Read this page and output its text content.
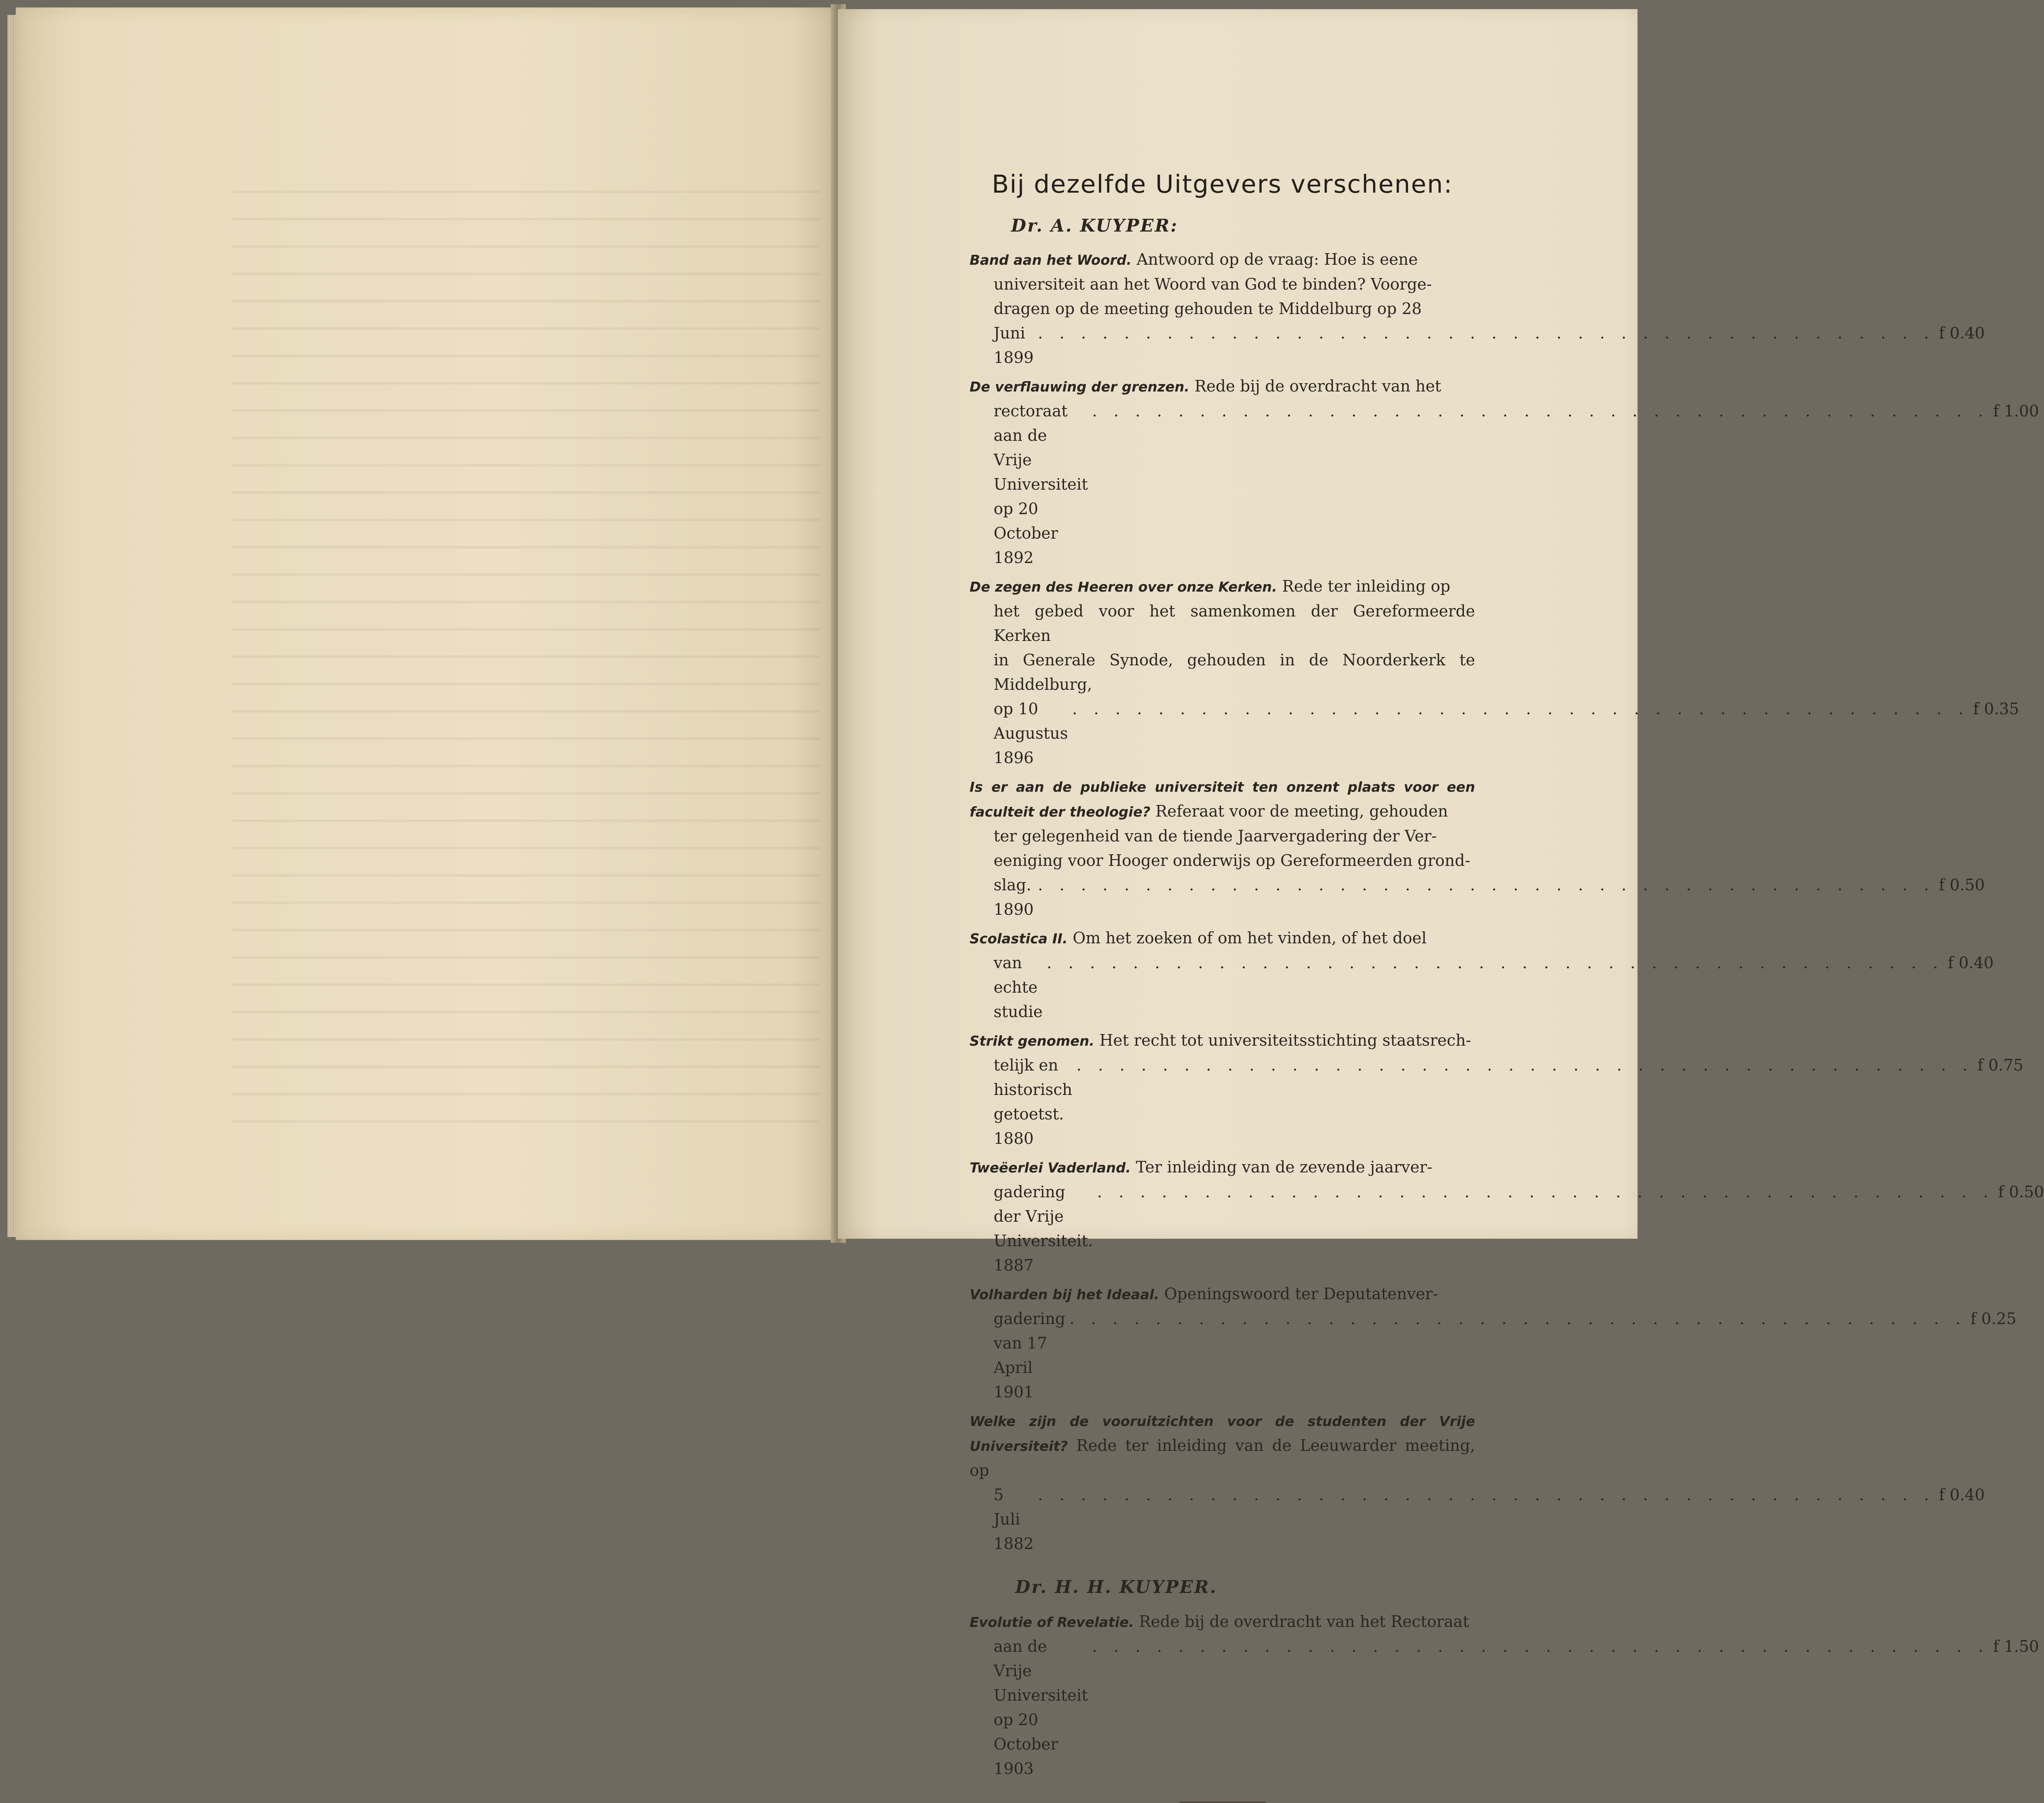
Bij dezelfde Uitgevers verschenen:
Dr. A. KUYPER:
Band aan het Woord. Antwoord op de vraag: Hoe is eene
universiteit aan het Woord van God te binden? Voorge-
dragen op de meeting gehouden te Middelburg op 28
Juni 1899
. . . . . . . . . . . . . . . . . . . . . . . . . . . . . . . . . . . . . . . . . . f 0.40
De verflauwing der grenzen. Rede bij de overdracht van het
rectoraat aan de Vrije Universiteit op 20 October 1892
. . . . . . . . . . . . . . . . . . . . . . . . . . . . . . . . . . . . . . . . . . f 1.00
De zegen des Heeren over onze Kerken. Rede ter inleiding op
het gebed voor het samenkomen der Gereformeerde Kerken
in Generale Synode, gehouden in de Noorderkerk te Middelburg,
op 10 Augustus 1896
. . . . . . . . . . . . . . . . . . . . . . . . . . . . . . . . . . . . . . . . . . f 0.35
Is er aan de publieke universiteit ten onzent plaats voor een faculteit der theologie? Referaat voor de meeting, gehouden
ter gelegenheid van de tiende Jaarvergadering der Ver-
eeniging voor Hooger onderwijs op Gereformeerden grond-
slag. 1890
. . . . . . . . . . . . . . . . . . . . . . . . . . . . . . . . . . . . . . . . . . f 0.50
Scolastica II. Om het zoeken of om het vinden, of het doel
van echte studie
. . . . . . . . . . . . . . . . . . . . . . . . . . . . . . . . . . . . . . . . . . f 0.40
Strikt genomen. Het recht tot universiteitsstichting staatsrech-
telijk en historisch getoetst. 1880
. . . . . . . . . . . . . . . . . . . . . . . . . . . . . . . . . . . . . . . . . . f 0.75
Tweëerlei Vaderland. Ter inleiding van de zevende jaarver-
gadering der Vrije Universiteit. 1887
. . . . . . . . . . . . . . . . . . . . . . . . . . . . . . . . . . . . . . . . . . f 0.50
Volharden bij het Ideaal. Openingswoord ter Deputatenver-
gadering van 17 April 1901
. . . . . . . . . . . . . . . . . . . . . . . . . . . . . . . . . . . . . . . . . . f 0.25
Welke zijn de vooruitzichten voor de studenten der Vrije Universiteit? Rede ter inleiding van de Leeuwarder meeting, op
5 Juli 1882
. . . . . . . . . . . . . . . . . . . . . . . . . . . . . . . . . . . . . . . . . . f 0.40
Dr. H. H. KUYPER.
Evolutie of Revelatie. Rede bij de overdracht van het Rectoraat
aan de Vrije Universiteit op 20 October 1903
. . . . . . . . . . . . . . . . . . . . . . . . . . . . . . . . . . . . . . . . . . f 1.50
